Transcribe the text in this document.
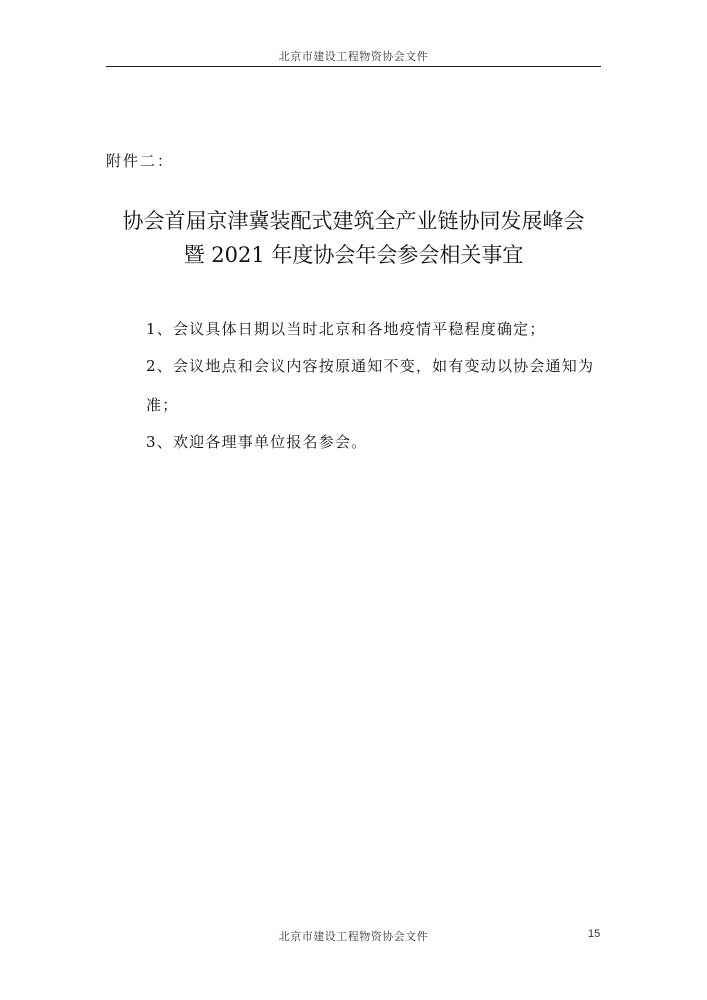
北京市建设工程物资协会文件
附件二：
协会首届京津冀装配式建筑全产业链协同发展峰会
暨 2021 年度协会年会参会相关事宜
1、会议具体日期以当时北京和各地疫情平稳程度确定；
2、会议地点和会议内容按原通知不变，如有变动以协会通知为
准；
3、欢迎各理事单位报名参会。
北京市建设工程物资协会文件	15
